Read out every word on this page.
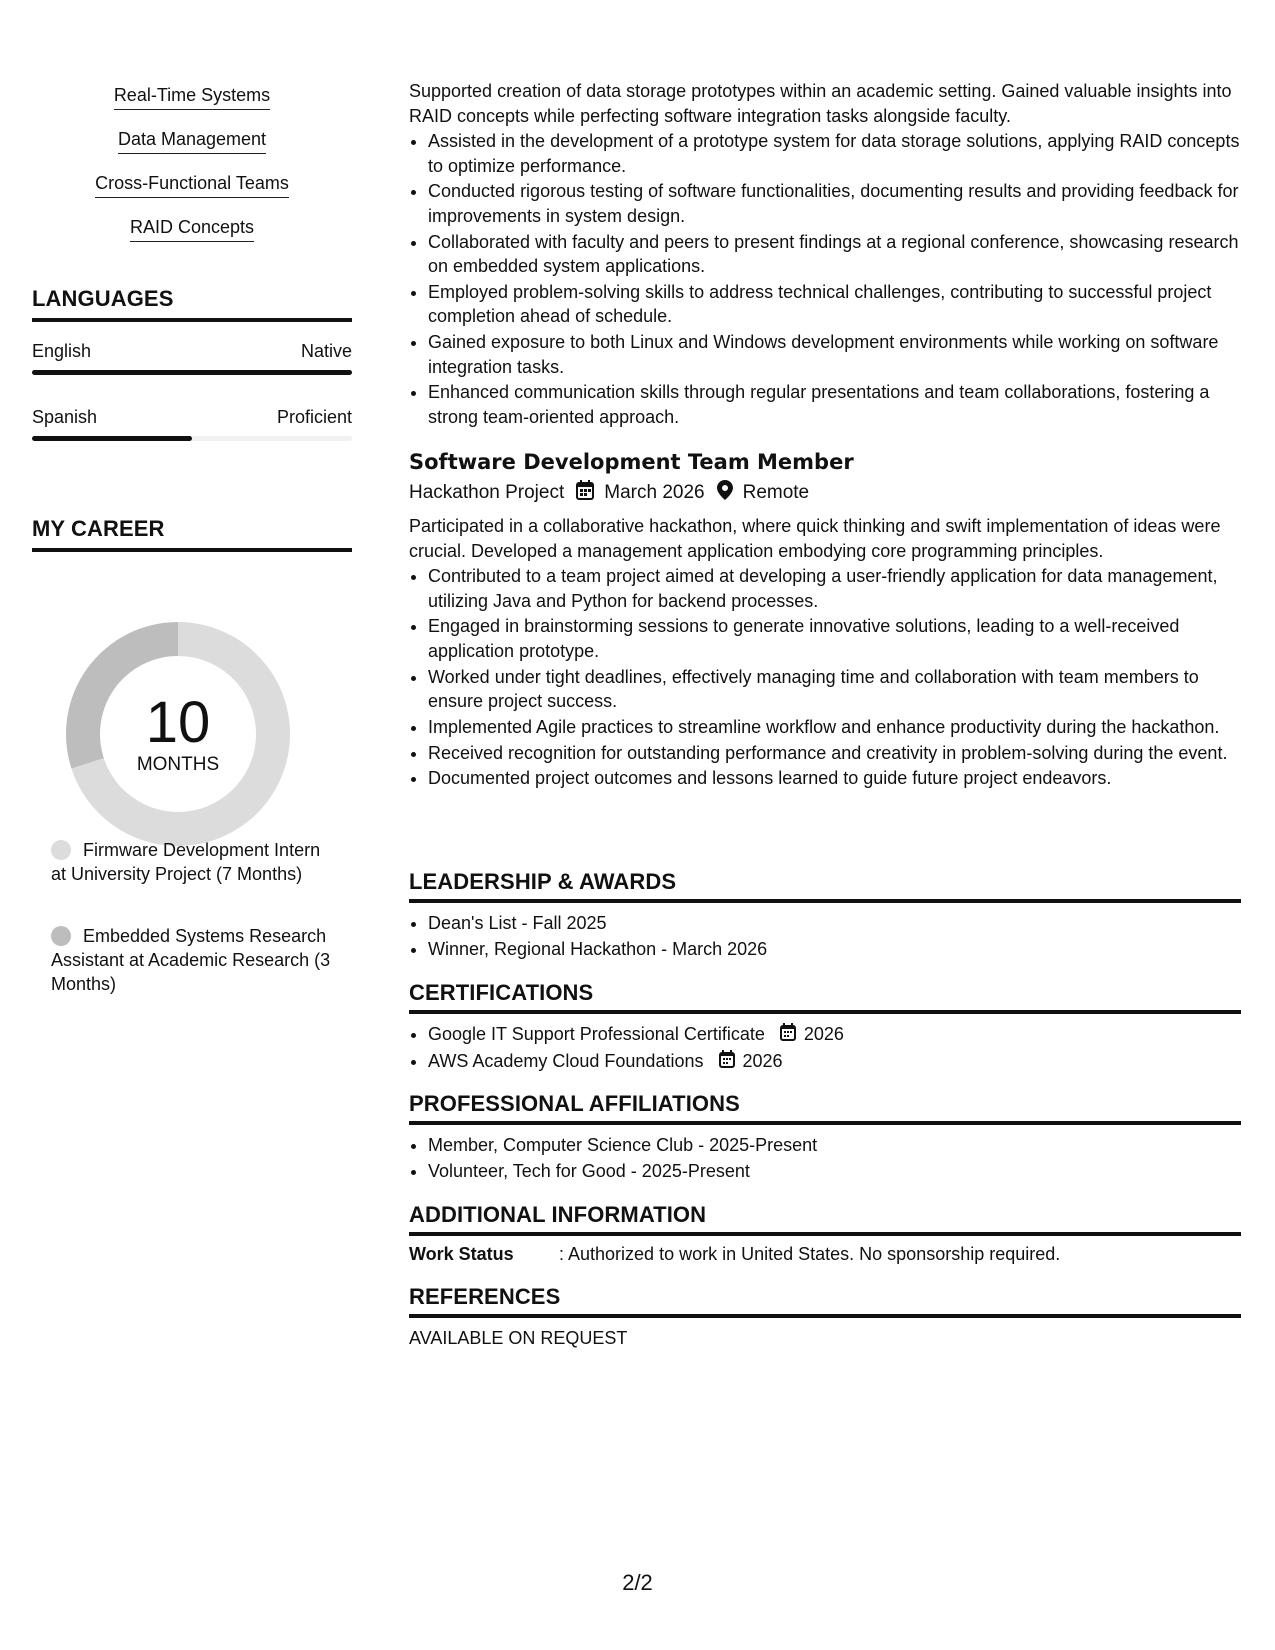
Real-Time Systems
Data Management
Cross-Functional Teams
RAID Concepts
LANGUAGES
English	Native
Spanish	Proficient
MY CAREER
10
MONTHS
Firmware Development Intern at University Project (7 Months)
Embedded Systems Research Assistant at Academic Research (3 Months)
Supported creation of data storage prototypes within an academic setting. Gained valuable insights into RAID concepts while perfecting software integration tasks alongside faculty.
• Assisted in the development of a prototype system for data storage solutions, applying RAID concepts to optimize performance.
• Conducted rigorous testing of software functionalities, documenting results and providing feedback for improvements in system design.
• Collaborated with faculty and peers to present findings at a regional conference, showcasing research on embedded system applications.
• Employed problem-solving skills to address technical challenges, contributing to successful project completion ahead of schedule.
• Gained exposure to both Linux and Windows development environments while working on software integration tasks.
• Enhanced communication skills through regular presentations and team collaborations, fostering a strong team-oriented approach.
Software Development Team Member
Hackathon Project March 2026 Remote
Participated in a collaborative hackathon, where quick thinking and swift implementation of ideas were crucial. Developed a management application embodying core programming principles.
• Contributed to a team project aimed at developing a user-friendly application for data management, utilizing Java and Python for backend processes.
• Engaged in brainstorming sessions to generate innovative solutions, leading to a well-received application prototype.
• Worked under tight deadlines, effectively managing time and collaboration with team members to ensure project success.
• Implemented Agile practices to streamline workflow and enhance productivity during the hackathon.
• Received recognition for outstanding performance and creativity in problem-solving during the event.
• Documented project outcomes and lessons learned to guide future project endeavors.
LEADERSHIP & AWARDS
• Dean's List - Fall 2025
• Winner, Regional Hackathon - March 2026
CERTIFICATIONS
• Google IT Support Professional Certificate 2026
• AWS Academy Cloud Foundations 2026
PROFESSIONAL AFFILIATIONS
• Member, Computer Science Club - 2025-Present
• Volunteer, Tech for Good - 2025-Present
ADDITIONAL INFORMATION
Work Status	: Authorized to work in United States. No sponsorship required.
REFERENCES
AVAILABLE ON REQUEST
2/2
